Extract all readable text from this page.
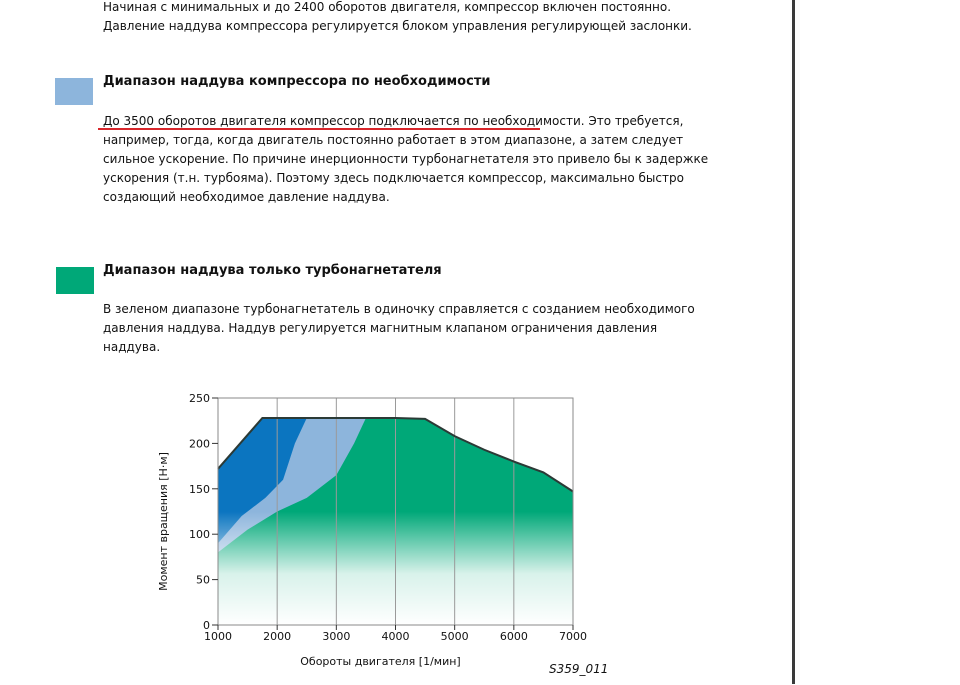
Начиная с минимальных и до 2400 оборотов двигателя, компрессор включен постоянно. Давление наддува компрессора регулируется блоком управления регулирующей заслонки.

Диапазон наддува компрессора по необходимости

До 3500 оборотов двигателя компрессор подключается по необходимости. Это требуется, например, тогда, когда двигатель постоянно работает в этом диапазоне, а затем следует сильное ускорение. По причине инерционности турбонагнетателя это привело бы к задержке ускорения (т.н. турбояма). Поэтому здесь подключается компрессор, максимально быстро создающий необходимое давление наддува.

Диапазон наддува только турбонагнетателя

В зеленом диапазоне турбонагнетатель в одиночку справляется с созданием необходимого давления наддува. Наддув регулируется магнитным клапаном ограничения давления наддува.

0
50
100
150
200
250
1000	2000	3000	4000	5000	6000	7000
Обороты двигателя [1/мин]
Момент вращения [Н·м]
S359_011
